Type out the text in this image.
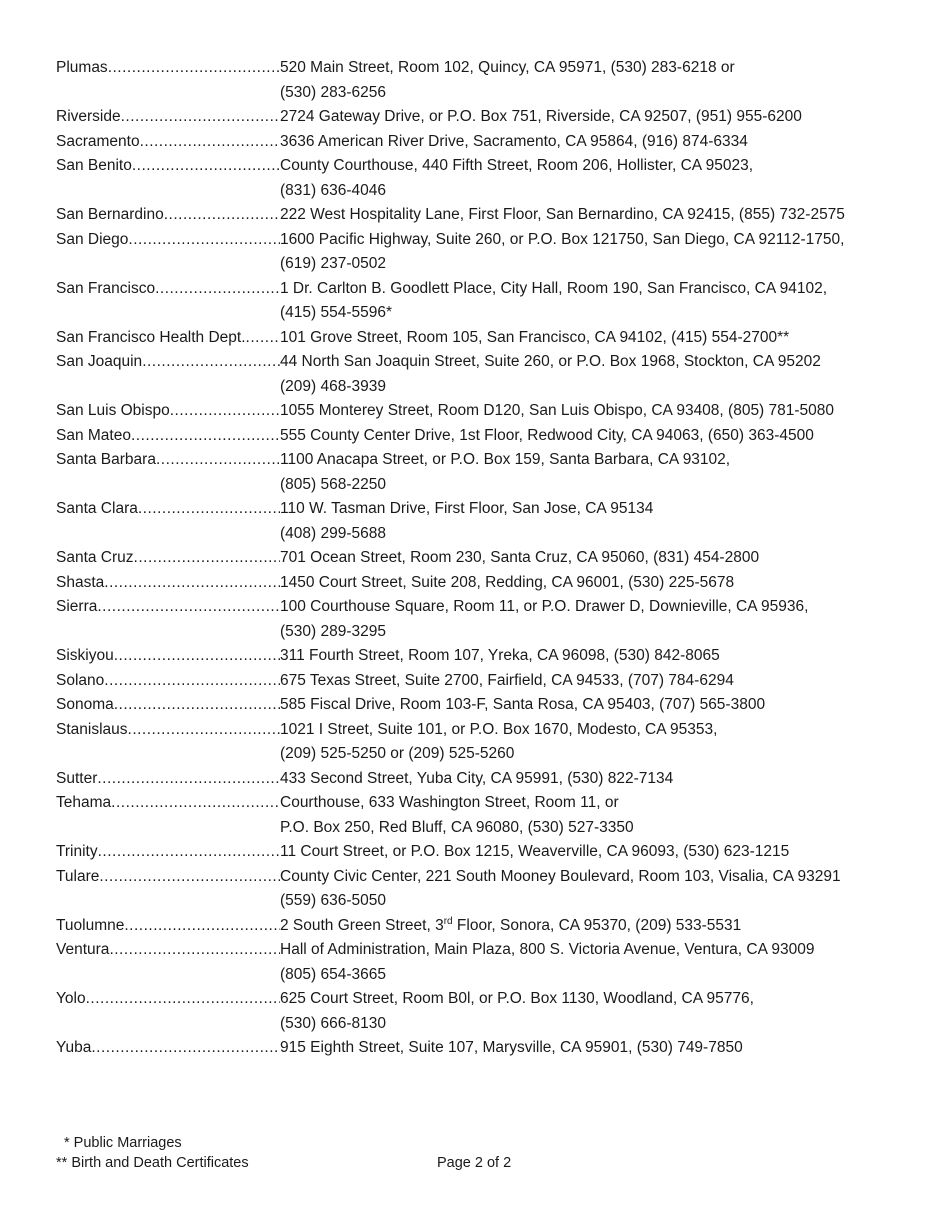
Plumas .....	520 Main Street, Room 102, Quincy, CA 95971, (530) 283-6218 or
(530) 283-6256
Riverside .....	2724 Gateway Drive, or P.O. Box 751, Riverside, CA 92507, (951) 955-6200
Sacramento .....	3636 American River Drive, Sacramento, CA 95864, (916) 874-6334
San Benito .....	County Courthouse, 440 Fifth Street, Room 206, Hollister, CA 95023,
(831) 636-4046
San Bernardino .....	222 West Hospitality Lane, First Floor, San Bernardino, CA 92415, (855) 732-2575
San Diego .....	1600 Pacific Highway, Suite 260, or P.O. Box 121750, San Diego, CA 92112-1750,
(619) 237-0502
San Francisco .....	1 Dr. Carlton B. Goodlett Place, City Hall, Room 190, San Francisco, CA 94102,
(415) 554-5596*
San Francisco Health Dept. ..... 101 Grove Street, Room 105, San Francisco, CA 94102, (415) 554-2700**
San Joaquin .....	44 North San Joaquin Street, Suite 260, or P.O. Box 1968, Stockton, CA 95202
(209) 468-3939
San Luis Obispo .....	1055 Monterey Street, Room D120, San Luis Obispo, CA 93408, (805) 781-5080
San Mateo .....	555 County Center Drive, 1st Floor, Redwood City, CA 94063, (650) 363-4500
Santa Barbara .....	1100 Anacapa Street, or P.O. Box 159, Santa Barbara, CA 93102,
(805) 568-2250
Santa Clara .....	110 W. Tasman Drive, First Floor, San Jose, CA 95134
(408) 299-5688
Santa Cruz .....	701 Ocean Street, Room 230, Santa Cruz, CA 95060, (831) 454-2800
Shasta .....	1450 Court Street, Suite 208, Redding, CA 96001, (530) 225-5678
Sierra .....	100 Courthouse Square, Room 11, or P.O. Drawer D, Downieville, CA 95936,
(530) 289-3295
Siskiyou .....	311 Fourth Street, Room 107, Yreka, CA 96098, (530) 842-8065
Solano .....	675 Texas Street, Suite 2700, Fairfield, CA 94533, (707) 784-6294
Sonoma .....	585 Fiscal Drive, Room 103-F, Santa Rosa, CA 95403, (707) 565-3800
Stanislaus .....	1021 I Street, Suite 101, or P.O. Box 1670, Modesto, CA 95353,
(209) 525-5250 or (209) 525-5260
Sutter .....	433 Second Street, Yuba City, CA 95991, (530) 822-7134
Tehama .....	Courthouse, 633 Washington Street, Room 11, or
P.O. Box 250, Red Bluff, CA 96080, (530) 527-3350
Trinity .....	11 Court Street, or P.O. Box 1215, Weaverville, CA 96093, (530) 623-1215
Tulare .....	County Civic Center, 221 South Mooney Boulevard, Room 103, Visalia, CA 93291
(559) 636-5050
Tuolumne .....	2 South Green Street, 3rd Floor, Sonora, CA 95370, (209) 533-5531
Ventura .....	Hall of Administration, Main Plaza, 800 S. Victoria Avenue, Ventura, CA 93009
(805) 654-3665
Yolo .....	625 Court Street, Room B0l, or P.O. Box 1130, Woodland, CA 95776,
(530) 666-8130
Yuba .....	915 Eighth Street, Suite 107, Marysville, CA 95901, (530) 749-7850
* Public Marriages
** Birth and Death Certificates	Page 2 of 2
